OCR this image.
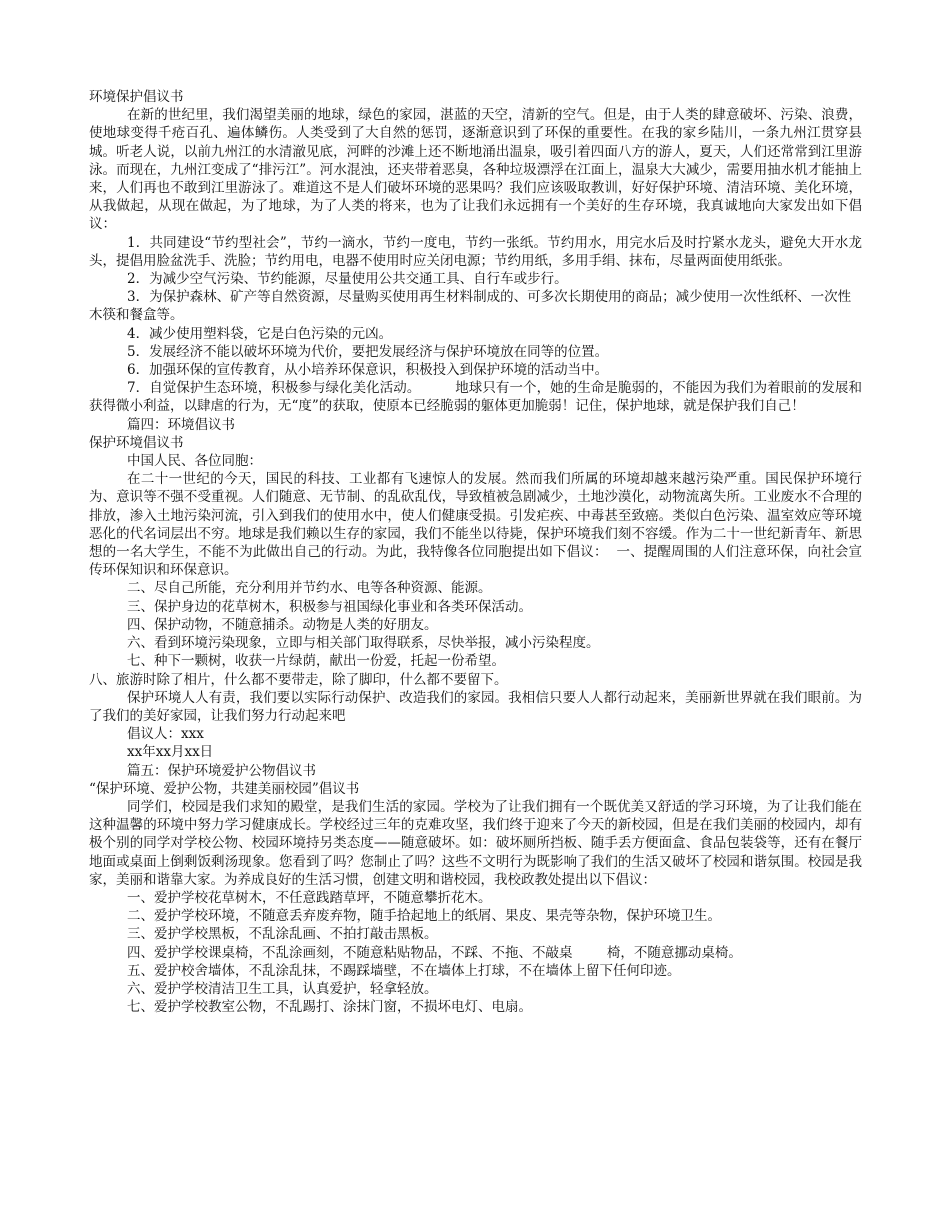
环境保护倡议书

在新的世纪里，我们渴望美丽的地球，绿色的家园，湛蓝的天空，清新的空气。但是，由于人类的肆意破坏、污染、浪费，使地球变得千疮百孔、遍体鳞伤。人类受到了大自然的惩罚，逐渐意识到了环保的重要性。在我的家乡陆川，一条九州江贯穿县城。听老人说，以前九州江的水清澈见底，河畔的沙滩上还不断地涌出温泉，吸引着四面八方的游人，夏天，人们还常常到江里游泳。而现在，九州江变成了“排污江”。河水混浊，还夹带着恶臭，各种垃圾漂浮在江面上，温泉大大减少，需要用抽水机才能抽上来，人们再也不敢到江里游泳了。难道这不是人们破坏环境的恶果吗？我们应该吸取教训，好好保护环境、清洁环境、美化环境，从我做起，从现在做起，为了地球，为了人类的将来，也为了让我们永远拥有一个美好的生存环境，我真诚地向大家发出如下倡议：

1．共同建设“节约型社会”，节约一滴水，节约一度电，节约一张纸。节约用水，用完水后及时拧紧水龙头，避免大开水龙头，提倡用脸盆洗手、洗脸；节约用电，电器不使用时应关闭电源；节约用纸，多用手绢、抹布，尽量两面使用纸张。

2．为减少空气污染、节约能源，尽量使用公共交通工具、自行车或步行。

3．为保护森林、矿产等自然资源，尽量购买使用再生材料制成的、可多次长期使用的商品；减少使用一次性纸杯、一次性

木筷和餐盒等。

4．减少使用塑料袋，它是白色污染的元凶。

5．发展经济不能以破坏环境为代价，要把发展经济与保护环境放在同等的位置。

6．加强环保的宣传教育，从小培养环保意识，积极投入到保护环境的活动当中。

7．自觉保护生态环境，积极参与绿化美化活动。        地球只有一个，她的生命是脆弱的，不能因为我们为着眼前的发展和获得微小利益，以肆虐的行为，无“度”的获取，使原本已经脆弱的躯体更加脆弱！记住，保护地球，就是保护我们自己！

篇四：环境倡议书

保护环境倡议书

中国人民、各位同胞：

在二十一世纪的今天，国民的科技、工业都有飞速惊人的发展。然而我们所属的环境却越来越污染严重。国民保护环境行为、意识等不强不受重视。人们随意、无节制、的乱砍乱伐，导致植被急剧减少，土地沙漠化，动物流离失所。工业废水不合理的排放，渗入土地污染河流，引入到我们的使用水中，使人们健康受损。引发疟疾、中毒甚至致癌。类似白色污染、温室效应等环境恶化的代名词层出不穷。地球是我们赖以生存的家园，我们不能坐以待毙，保护环境我们刻不容缓。作为二十一世纪新青年、新思想的一名大学生，不能不为此做出自己的行动。为此，我特像各位同胞提出如下倡议：  一、提醒周围的人们注意环保，向社会宣传环保知识和环保意识。

二、尽自己所能，充分利用并节约水、电等各种资源、能源。

三、保护身边的花草树木，积极参与祖国绿化事业和各类环保活动。

四、保护动物，不随意捕杀。动物是人类的好朋友。

六、看到环境污染现象，立即与相关部门取得联系，尽快举报，减小污染程度。

七、种下一颗树，收获一片绿荫，献出一份爱，托起一份希望。

八、旅游时除了相片，什么都不要带走，除了脚印，什么都不要留下。

保护环境人人有责，我们要以实际行动保护、改造我们的家园。我相信只要人人都行动起来，美丽新世界就在我们眼前。为了我们的美好家园，让我们努力行动起来吧

倡议人：xxx

xx年xx月xx日

篇五：保护环境爱护公物倡议书

“保护环境、爱护公物，共建美丽校园”倡议书

同学们，校园是我们求知的殿堂，是我们生活的家园。学校为了让我们拥有一个既优美又舒适的学习环境，为了让我们能在这种温馨的环境中努力学习健康成长。学校经过三年的克难攻坚，我们终于迎来了今天的新校园，但是在我们美丽的校园内，却有极个别的同学对学校公物、校园环境持另类态度——随意破坏。如：破坏厕所挡板、随手丢方便面盒、食品包装袋等，还有在餐厅地面或桌面上倒剩饭剩汤现象。您看到了吗？您制止了吗？这些不文明行为既影响了我们的生活又破坏了校园和谐氛围。校园是我家，美丽和谐靠大家。为养成良好的生活习惯，创建文明和谐校园，我校政教处提出以下倡议：

一、爱护学校花草树木，不任意践踏草坪，不随意攀折花木。

二、爱护学校环境，不随意丢弃废弃物，随手拾起地上的纸屑、果皮、果壳等杂物，保护环境卫生。

三、爱护学校黑板，不乱涂乱画、不拍打敲击黑板。

四、爱护学校课桌椅，不乱涂画刻，不随意粘贴物品，不踩、不拖、不敲桌        椅，不随意挪动桌椅。

五、爱护校舍墙体，不乱涂乱抹，不踢踩墙壁，不在墙体上打球，不在墙体上留下任何印迹。

六、爱护学校清洁卫生工具，认真爱护，轻拿轻放。

七、爱护学校教室公物，不乱踢打、涂抹门窗，不损坏电灯、电扇。
